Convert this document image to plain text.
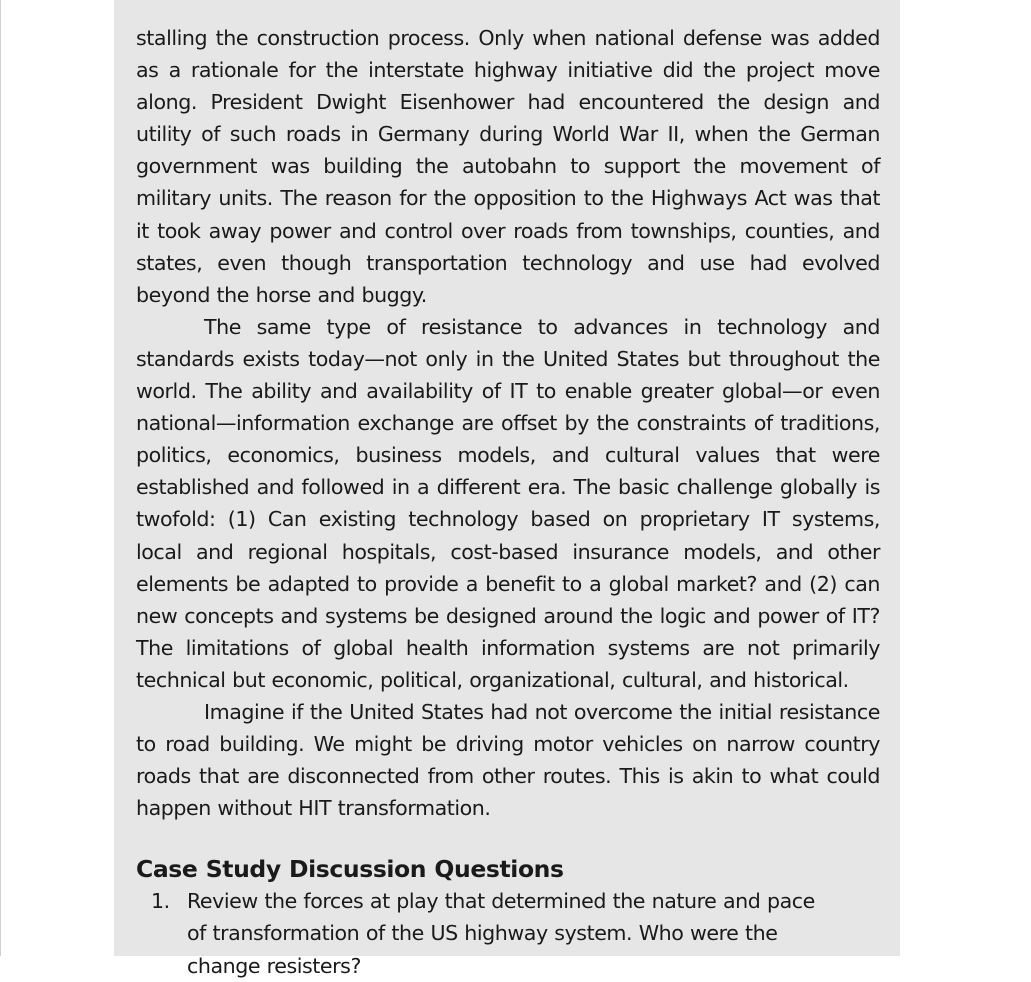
stalling the construction process. Only when national defense was added as a rationale for the interstate highway initiative did the project move along. President Dwight Eisenhower had encountered the design and utility of such roads in Germany during World War II, when the German government was building the autobahn to support the movement of military units. The reason for the opposition to the Highways Act was that it took away power and control over roads from townships, counties, and states, even though transportation technology and use had evolved beyond the horse and buggy.

The same type of resistance to advances in technology and standards exists today—not only in the United States but throughout the world. The ability and availability of IT to enable greater global—or even national—information exchange are offset by the constraints of traditions, politics, economics, business models, and cultural values that were established and followed in a different era. The basic challenge globally is twofold: (1) Can existing technology based on proprietary IT systems, local and regional hospitals, cost-based insurance models, and other elements be adapted to provide a benefit to a global market? and (2) can new concepts and systems be designed around the logic and power of IT? The limitations of global health information systems are not primarily technical but economic, political, organizational, cultural, and historical.

Imagine if the United States had not overcome the initial resistance to road building. We might be driving motor vehicles on narrow country roads that are disconnected from other routes. This is akin to what could happen without HIT transformation.

Case Study Discussion Questions
1. Review the forces at play that determined the nature and pace of transformation of the US highway system. Who were the change resisters?
